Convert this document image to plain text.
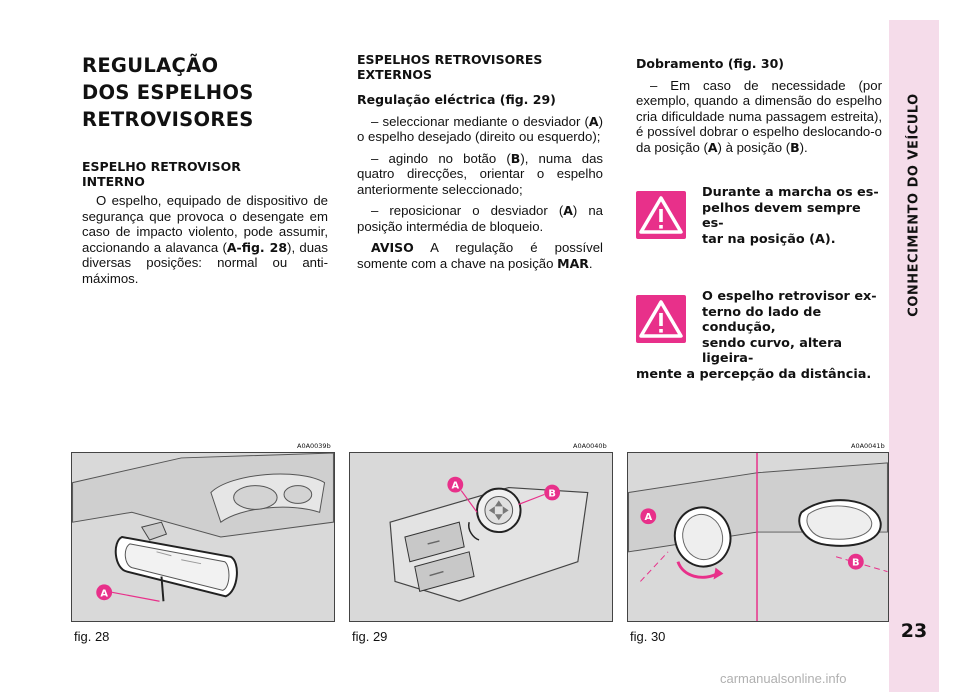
CONHECIMENTO DO VEÍCULO
23
REGULAÇÃO
DOS ESPELHOS
RETROVISORES
ESPELHO RETROVISOR
INTERNO

O espelho, equipado de dispositivo de segurança que provoca o desengate em caso de impacto violento, pode assumir, accionando a alavanca (A-fig. 28), duas diversas posições: normal ou anti-máximos.

ESPELHOS RETROVISORES
EXTERNOS
Regulação eléctrica (fig. 29)

– seleccionar mediante o desviador (A) o espelho desejado (direito ou esquerdo);

– agindo no botão (B), numa das quatro direcções, orientar o espelho anteriormente seleccionado;

– reposicionar o desviador (A) na posição intermédia de bloqueio.

AVISO A regulação é possível somente com a chave na posição MAR.

Dobramento (fig. 30)

– Em caso de necessidade (por exemplo, quando a dimensão do espelho cria dificuldade numa passagem estreita), é possível dobrar o espelho deslocando-o da posição (A) à posição (B).

Durante a marcha os es-
pelhos devem sempre es-
tar na posição (A).
O espelho retrovisor ex-
terno do lado de condução,
sendo curvo, altera ligeira-
mente a percepção da distância.
A0A0039b	A0A0040b	A0A0041b
A
A
B
A
B
fig. 28	fig. 29	fig. 30
carmanualsonline.info
